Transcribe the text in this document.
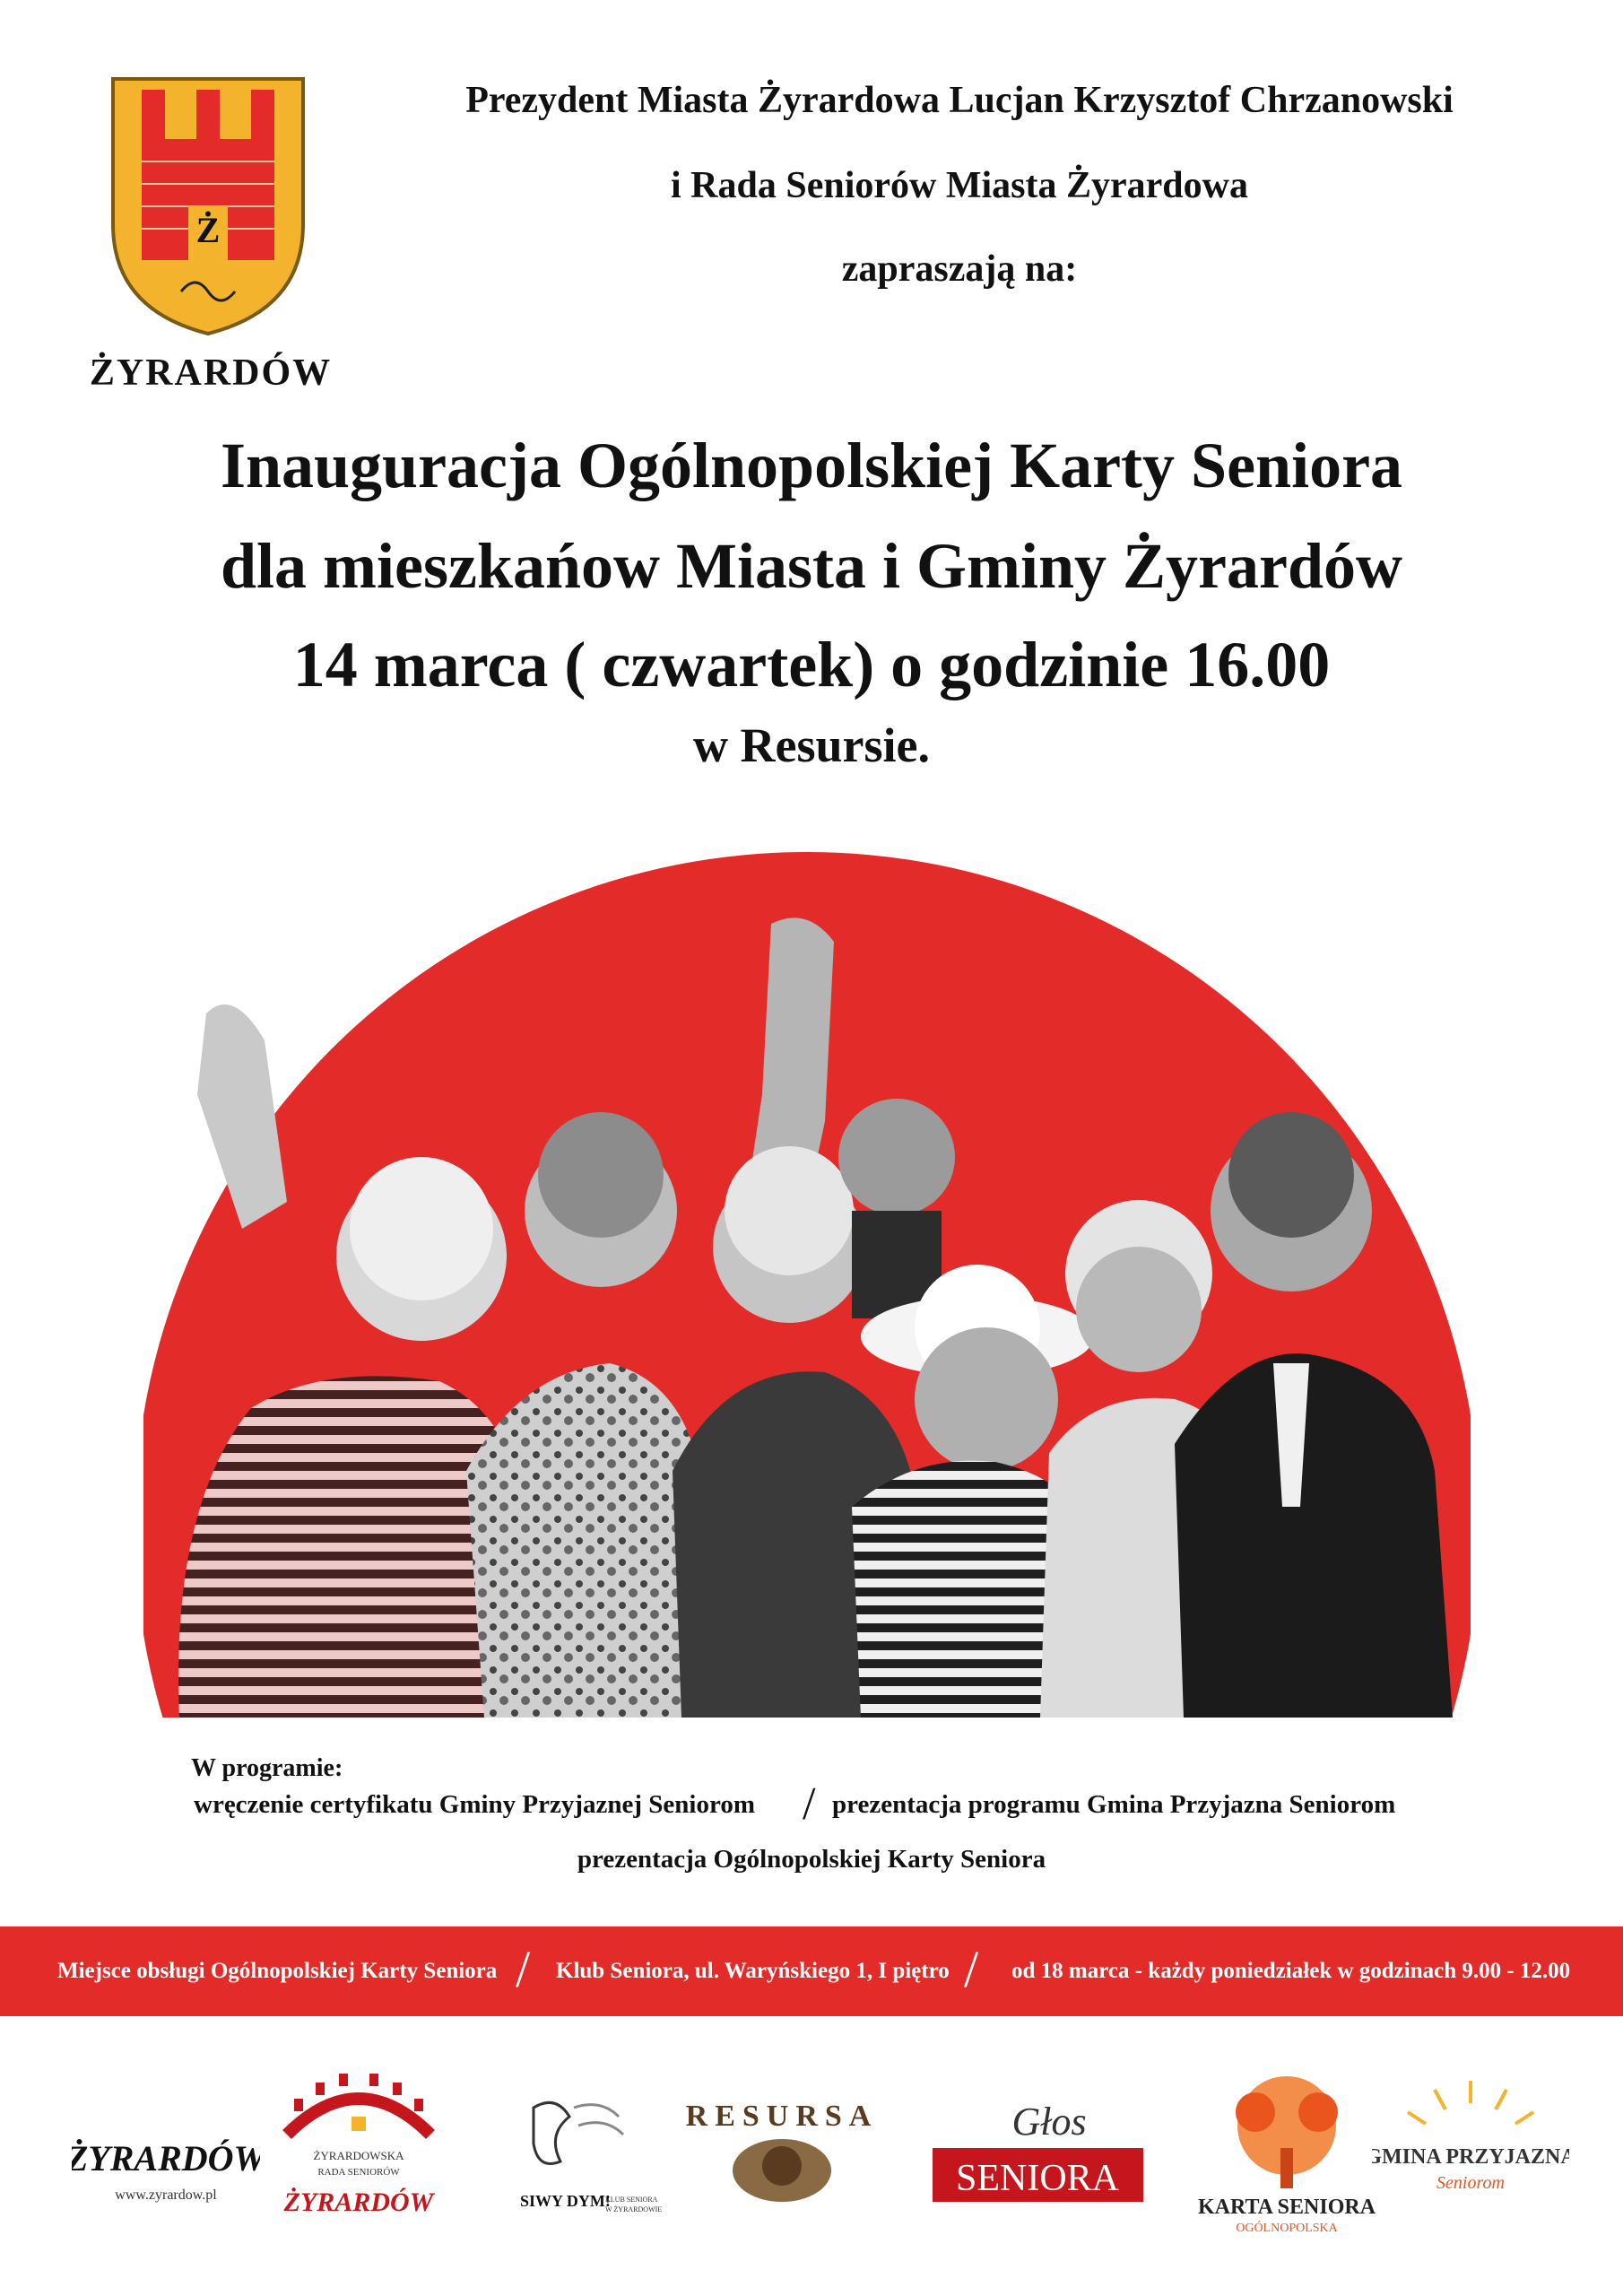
Ż
ŻYRARDÓW
Prezydent Miasta Żyrardowa Lucjan Krzysztof Chrzanowski
i Rada Seniorów Miasta Żyrardowa
zapraszają na:
Inauguracja Ogólnopolskiej Karty Seniora
dla mieszkańow Miasta i Gminy Żyrardów
14 marca ( czwartek) o godzinie 16.00
w Resursie.
W programie:
wręczenie certyfikatu Gminy Przyjaznej Seniorom / prezentacja programu Gmina Przyjazna Seniorom
prezentacja Ogólnopolskiej Karty Seniora
Miejsce obsługi Ogólnopolskiej Karty Seniora / Klub Seniora, ul. Waryńskiego 1, I piętro / od 18 marca - każdy poniedziałek w godzinach 9.00 - 12.00
ŻYRARDÓW
www.zyrardow.pl
ŻYRARDOWSKA
RADA SENIORÓW
ŻYRARDÓW	SIWY DYM!
KLUB SENIORA
W ŻYRARDOWIE
RESURSA	Głos
SENIORA
KARTA SENIORA
OGÓLNOPOLSKA
GMINA PRZYJAZNA
Seniorom
